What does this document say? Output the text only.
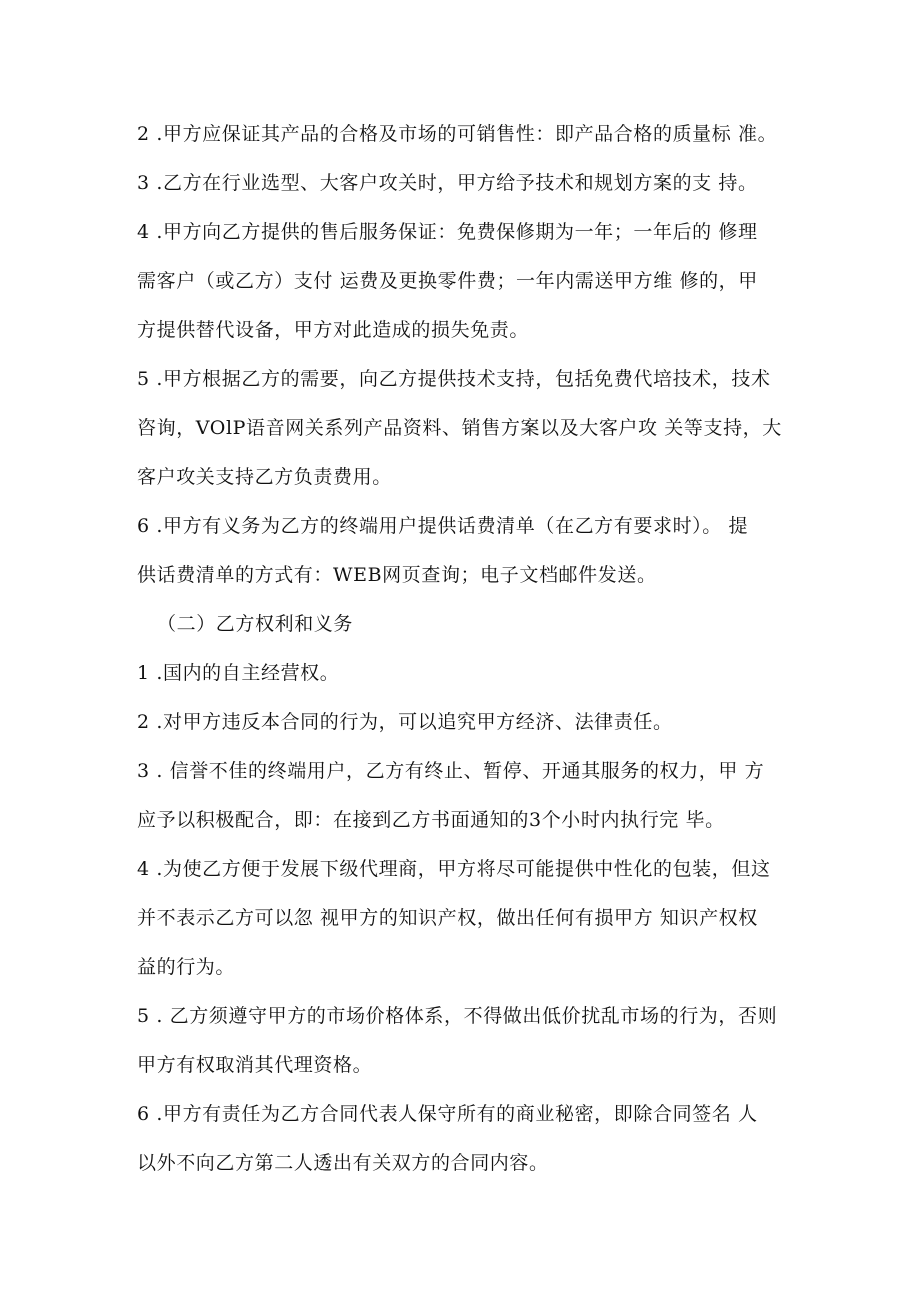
2 .甲方应保证其产品的合格及市场的可销售性：即产品合格的质量标 准。
3 .乙方在行业选型、大客户攻关时，甲方给予技术和规划方案的支 持。
4 .甲方向乙方提供的售后服务保证：免费保修期为一年；一年后的 修理
需客户（或乙方）支付 运费及更换零件费；一年内需送甲方维 修的，甲
方提供替代设备，甲方对此造成的损失免责。
5 .甲方根据乙方的需要，向乙方提供技术支持，包括免费代培技术，技术
咨询，VOlP语音网关系列产品资料、销售方案以及大客户攻 关等支持，大
客户攻关支持乙方负责费用。
6 .甲方有义务为乙方的终端用户提供话费清单（在乙方有要求时）。 提
供话费清单的方式有：WEB网页查询；电子文档邮件发送。
（二）乙方权利和义务
1 .国内的自主经营权。
2 .对甲方违反本合同的行为，可以追究甲方经济、法律责任。
3 . 信誉不佳的终端用户，乙方有终止、暂停、开通其服务的权力，甲 方
应予以积极配合，即：在接到乙方书面通知的3个小时内执行完 毕。
4 .为使乙方便于发展下级代理商，甲方将尽可能提供中性化的包装，但这
并不表示乙方可以忽 视甲方的知识产权，做出任何有损甲方 知识产权权
益的行为。
5 . 乙方须遵守甲方的市场价格体系，不得做出低价扰乱市场的行为，否则
甲方有权取消其代理资格。
6 .甲方有责任为乙方合同代表人保守所有的商业秘密，即除合同签名 人
以外不向乙方第二人透出有关双方的合同内容。
